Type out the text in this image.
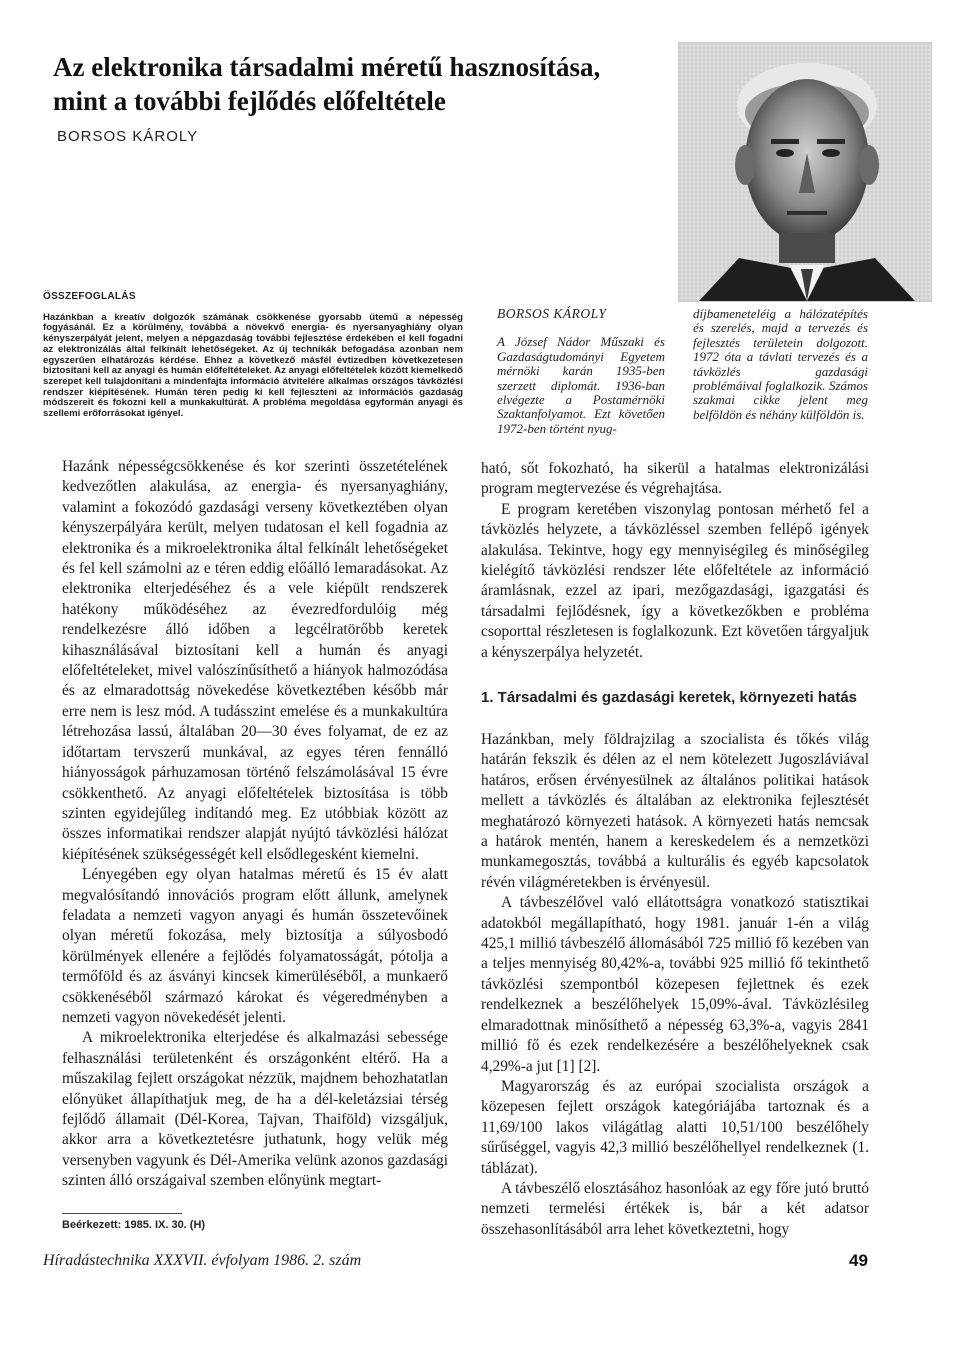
Az elektronika társadalmi méretű hasznosítása,
mint a további fejlődés előfeltétele
BORSOS KÁROLY
ÖSSZEFOGLALÁS

Hazánkban a kreatív dolgozók számának csökkenése gyorsabb ütemű a népesség fogyásánál. Ez a körülmény, továbbá a növekvő energia- és nyersanyaghiány olyan kényszerpályát jelent, melyen a népgazdaság további fejlesztése érdekében el kell fogadni az elektronizálás által felkínált lehetőségeket. Az új technikák befogadása azonban nem egyszerűen elhatározás kérdése. Ehhez a következő másfél évtizedben következetesen biztosítani kell az anyagi és humán előfeltételeket. Az anyagi előfeltételek között kiemelkedő szerepet kell tulajdonítani a mindenfajta információ átvitelére alkalmas országos távközlési rendszer kiépítésének. Humán téren pedig ki kell fejleszteni az információs gazdaság módszereit és fokozni kell a munkakultúrát. A probléma megoldása egyformán anyagi és szellemi erőforrásokat igényel.

BORSOS KÁROLY

A József Nádor Műszaki és Gazdaságtudományi Egyetem mérnöki karán 1935-ben szerzett diplomát. 1936-ban elvégezte a Postamérnöki Szaktanfolyamot. Ezt követően 1972-ben történt nyug-

díjbameneteléig a hálózatépítés és szerelés, majd a tervezés és fejlesztés területein dolgozott. 1972 óta a távlati tervezés és a távközlés gazdasági problémáival foglalkozik. Számos szakmai cikke jelent meg belföldön és néhány külföldön is.

Hazánk népességcsökkenése és kor szerinti összetételének kedvezőtlen alakulása, az energia- és nyersanyaghiány, valamint a fokozódó gazdasági verseny következtében olyan kényszerpályára került, melyen tudatosan el kell fogadnia az elektronika és a mikroelektronika által felkínált lehetőségeket és fel kell számolni az e téren eddig előálló lemaradásokat. Az elektronika elterjedéséhez és a vele kiépült rendszerek hatékony működéséhez az évezredfordulóig még rendelkezésre álló időben a legcélratörőbb keretek kihasználásával biztosítani kell a humán és anyagi előfeltételeket, mivel valószínűsíthető a hiányok halmozódása és az elmaradottság növekedése következtében később már erre nem is lesz mód. A tudásszint emelése és a munkakultúra létrehozása lassú, általában 20—30 éves folyamat, de ez az időtartam tervszerű munkával, az egyes téren fennálló hiányosságok párhuzamosan történő felszámolásával 15 évre csökkenthető. Az anyagi előfeltételek biztosítása is több szinten egyidejűleg indítandó meg. Ez utóbbiak között az összes informatikai rendszer alapját nyújtó távközlési hálózat kiépítésének szükségességét kell elsődlegesként kiemelni.

Lényegében egy olyan hatalmas méretű és 15 év alatt megvalósítandó innovációs program előtt állunk, amelynek feladata a nemzeti vagyon anyagi és humán összetevőinek olyan méretű fokozása, mely biztosítja a súlyosbodó körülmények ellenére a fejlődés folyamatosságát, pótolja a termőföld és az ásványi kincsek kimerüléséből, a munkaerő csökkenéséből származó károkat és végeredményben a nemzeti vagyon növekedését jelenti.

A mikroelektronika elterjedése és alkalmazási sebessége felhasználási területenként és országonként eltérő. Ha a műszakilag fejlett országokat nézzük, majdnem behozhatatlan előnyüket állapíthatjuk meg, de ha a dél-keletázsiai térség fejlődő államait (Dél-Korea, Tajvan, Thaiföld) vizsgáljuk, akkor arra a következtetésre juthatunk, hogy velük még versenyben vagyunk és Dél-Amerika velünk azonos gazdasági szinten álló országaival szemben előnyünk megtart-

ható, sőt fokozható, ha sikerül a hatalmas elektronizálási program megtervezése és végrehajtása.

E program keretében viszonylag pontosan mérhető fel a távközlés helyzete, a távközléssel szemben fellépő igények alakulása. Tekintve, hogy egy mennyiségileg és minőségileg kielégítő távközlési rendszer léte előfeltétele az információ áramlásnak, ezzel az ipari, mezőgazdasági, igazgatási és társadalmi fejlődésnek, így a következőkben e probléma csoporttal részletesen is foglalkozunk. Ezt követően tárgyaljuk a kényszerpálya helyzetét.

1. Társadalmi és gazdasági keretek, környezeti hatás

Hazánkban, mely földrajzilag a szocialista és tőkés világ határán fekszik és délen az el nem kötelezett Jugoszláviával határos, erősen érvényesülnek az általános politikai hatások mellett a távközlés és általában az elektronika fejlesztését meghatározó környezeti hatások. A környezeti hatás nemcsak a határok mentén, hanem a kereskedelem és a nemzetközi munkamegosztás, továbbá a kulturális és egyéb kapcsolatok révén világméretekben is érvényesül.

A távbeszélővel való ellátottságra vonatkozó statisztikai adatokból megállapítható, hogy 1981. január 1-én a világ 425,1 millió távbeszélő állomásából 725 millió fő kezében van a teljes mennyiség 80,42%-a, további 925 millió fő tekinthető távközlési szempontból közepesen fejlettnek és ezek rendelkeznek a beszélőhelyek 15,09%-ával. Távközlésileg elmaradottnak minősíthető a népesség 63,3%-a, vagyis 2841 millió fő és ezek rendelkezésére a beszélőhelyeknek csak 4,29%-a jut [1] [2].

Magyarország és az európai szocialista országok a közepesen fejlett országok kategóriájába tartoznak és a 11,69/100 lakos világátlag alatti 10,51/100 beszélőhely sűrűséggel, vagyis 42,3 millió beszélőhellyel rendelkeznek (1. táblázat).

A távbeszélő elosztásához hasonlóak az egy főre jutó bruttó nemzeti termelési értékek is, bár a két adatsor összehasonlításából arra lehet következtetni, hogy

Beérkezett: 1985. IX. 30. (H)
Híradástechnika XXXVII. évfolyam 1986. 2. szám	49
